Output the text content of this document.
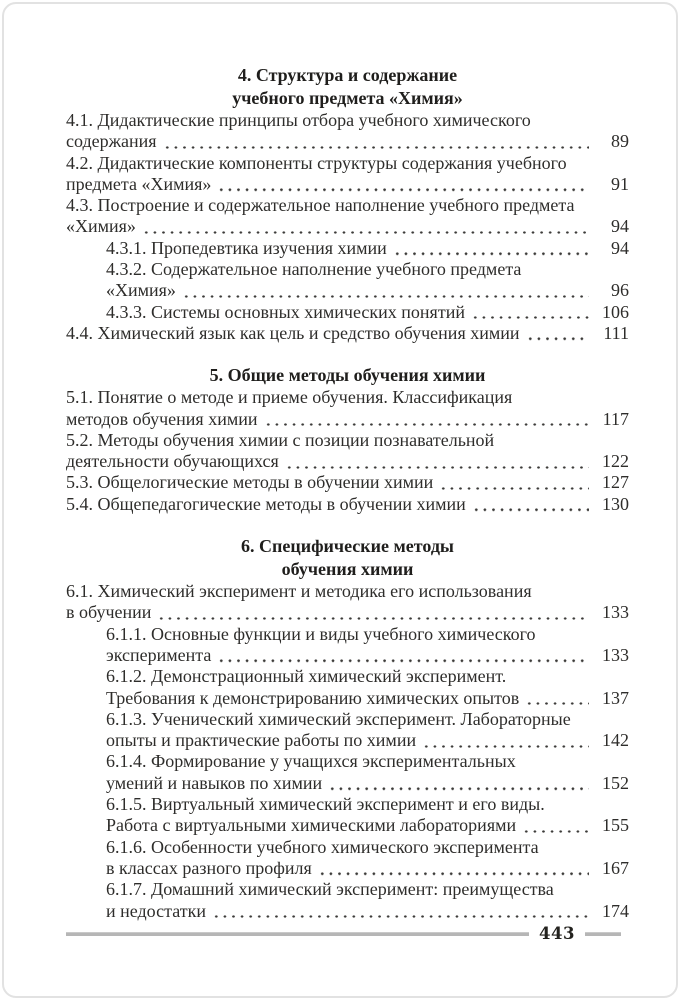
4. Структура и содержание
учебного предмета «Химия»
4.1. Дидактические принципы отбора учебного химического
содержания	89
4.2. Дидактические компоненты структуры содержания учебного
предмета «Химия»	91
4.3. Построение и содержательное наполнение учебного предмета
«Химия»	94
4.3.1. Пропедевтика изучения химии	94
4.3.2. Содержательное наполнение учебного предмета
«Химия»	96
4.3.3. Системы основных химических понятий	106
4.4. Химический язык как цель и средство обучения химии	111
5. Общие методы обучения химии
5.1. Понятие о методе и приеме обучения. Классификация
методов обучения химии	117
5.2. Методы обучения химии с позиции познавательной
деятельности обучающихся	122
5.3. Общелогические методы в обучении химии	127
5.4. Общепедагогические методы в обучении химии	130
6. Специфические методы
обучения химии
6.1. Химический эксперимент и методика его использования
в обучении	133
6.1.1. Основные функции и виды учебного химического
эксперимента	133
6.1.2. Демонстрационный химический эксперимент.
Требования к демонстрированию химических опытов	137
6.1.3. Ученический химический эксперимент. Лабораторные
опыты и практические работы по химии	142
6.1.4. Формирование у учащихся экспериментальных
умений и навыков по химии	152
6.1.5. Виртуальный химический эксперимент и его виды.
Работа с виртуальными химическими лабораториями	155
6.1.6. Особенности учебного химического эксперимента
в классах разного профиля	167
6.1.7. Домашний химический эксперимент: преимущества
и недостатки	174
443
